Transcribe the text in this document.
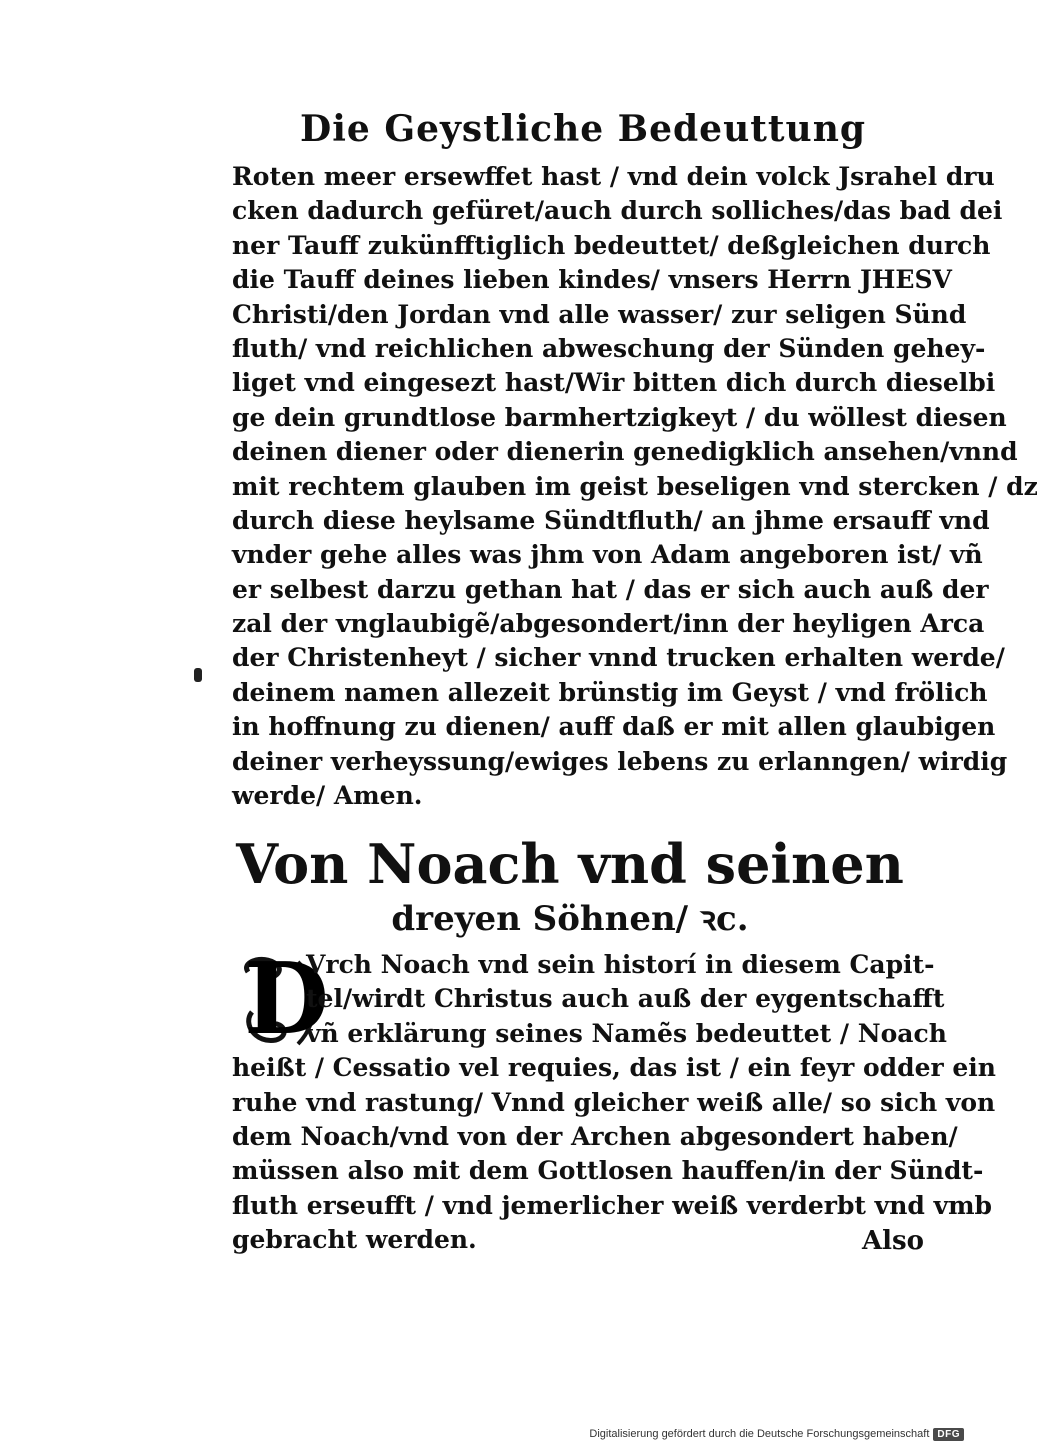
Die Geystliche Bedeuttung
Roten meer ersewffet hast / vnd dein volck Jsrahel dru
cken dadurch gefüret/auch durch solliches/das bad dei
ner Tauff zukünfftiglich bedeuttet/ deßgleichen durch
die Tauff deines lieben kindes/ vnsers Herrn JHESV
Christi/den Jordan vnd alle wasser/ zur seligen Sünd
fluth/ vnd reichlichen abweschung der Sünden gehey-
liget vnd eingesezt hast/Wir bitten dich durch dieselbi
ge dein grundtlose barmhertzigkeyt / du wöllest diesen
deinen diener oder dienerin genedigklich ansehen/vnnd
mit rechtem glauben im geist beseligen vnd stercken / dz
durch diese heylsame Sündtfluth/ an jhme ersauff vnd
vnder gehe alles was jhm von Adam angeboren ist/ vñ
er selbest darzu gethan hat / das er sich auch auß der
zal der vnglaubigẽ/abgesondert/inn der heyligen Arca
der Christenheyt / sicher vnnd trucken erhalten werde/
deinem namen allezeit brünstig im Geyst / vnd frölich
in hoffnung zu dienen/ auff daß er mit allen glaubigen
deiner verheyssung/ewiges lebens zu erlanngen/ wirdig
werde/ Amen.
Von Noach vnd seinen
dreyen Söhnen/ ꝛc.
D
Vrch Noach vnd sein historí in diesem Capit-
tel/wirdt Christus auch auß der eygentschafft
vñ erklärung seines Namẽs bedeuttet / Noach
heißt / Cessatio vel requies, das ist / ein feyr odder ein
ruhe vnd rastung/ Vnnd gleicher weiß alle/ so sich von
dem Noach/vnd von der Archen abgesondert haben/
müssen also mit dem Gottlosen hauffen/in der Sündt-
fluth erseufft / vnd jemerlicher weiß verderbt vnd vmb
gebracht werden.	Also
Digitalisierung gefördert durch die Deutsche Forschungsgemeinschaft DFG
